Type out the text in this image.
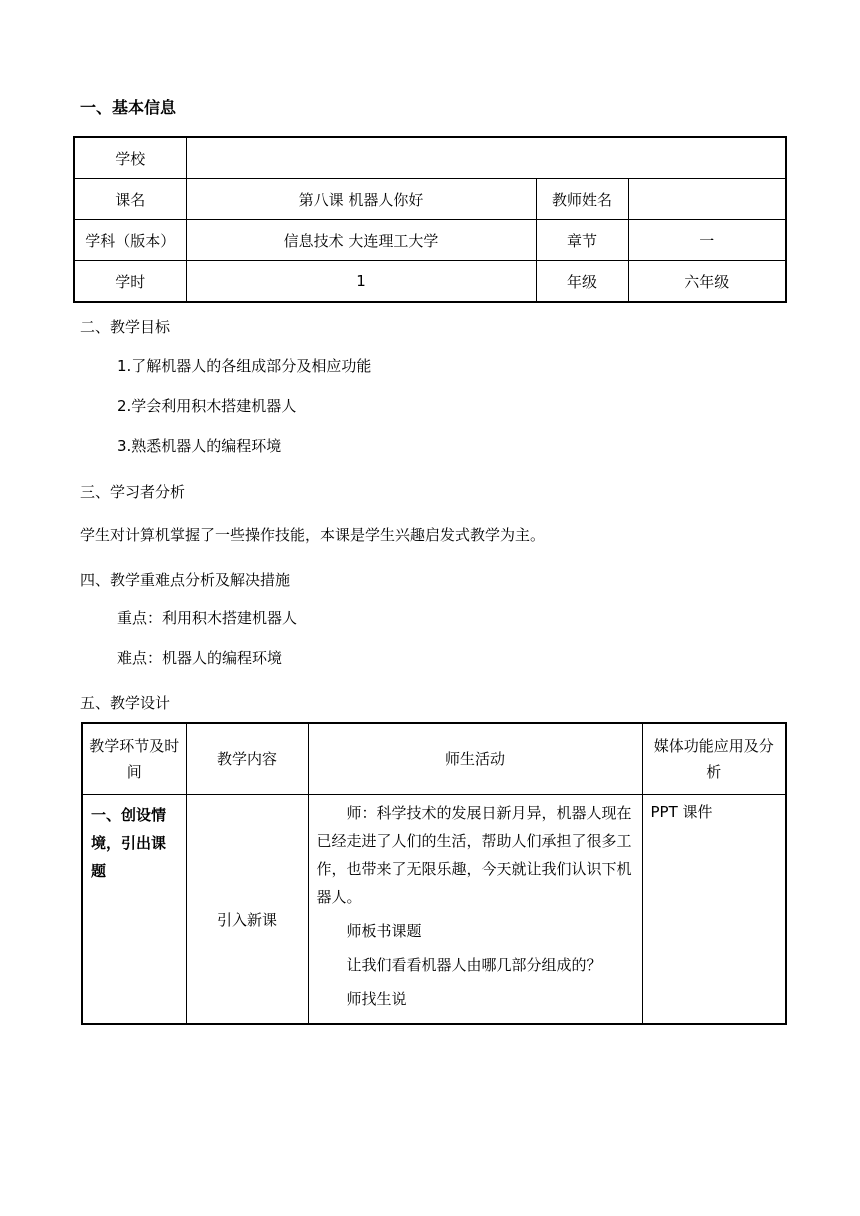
一、基本信息
学校			
课名	第八课 机器人你好	教师姓名	
学科（版本）	信息技术 大连理工大学	章节	一
学时	1	年级	六年级
二、教学目标
1.了解机器人的各组成部分及相应功能
2.学会利用积木搭建机器人
3.熟悉机器人的编程环境
三、学习者分析
学生对计算机掌握了一些操作技能，本课是学生兴趣启发式教学为主。
四、教学重难点分析及解决措施
重点：利用积木搭建机器人
难点：机器人的编程环境
五、教学设计
教学环节及时间	教学内容	师生活动	媒体功能应用及分析
一、创设情境，引出课题	引入新课	师：科学技术的发展日新月异，机器人现在已经走进了人们的生活，帮助人们承担了很多工作，也带来了无限乐趣，今天就让我们认识下机器人。

师板书课题

让我们看看机器人由哪几部分组成的？

师找生说	PPT 课件
